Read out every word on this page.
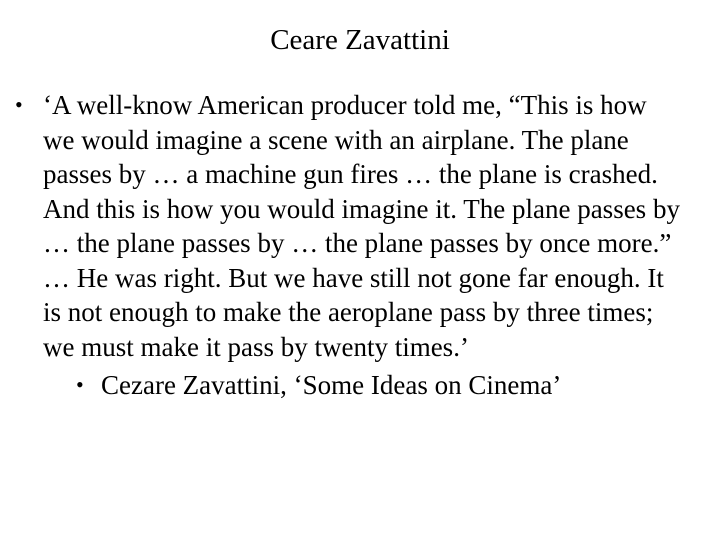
Ceare Zavattini
• ‘A well-know American producer told me, “This is how we would imagine a scene with an airplane. The plane passes by … a machine gun fires … the plane is crashed. And this is how you would imagine it. The plane passes by … the plane passes by … the plane passes by once more.” … He was right. But we have still not gone far enough. It is not enough to make the aeroplane pass by three times; we must make it pass by twenty times.’
• Cezare Zavattini, ‘Some Ideas on Cinema’
